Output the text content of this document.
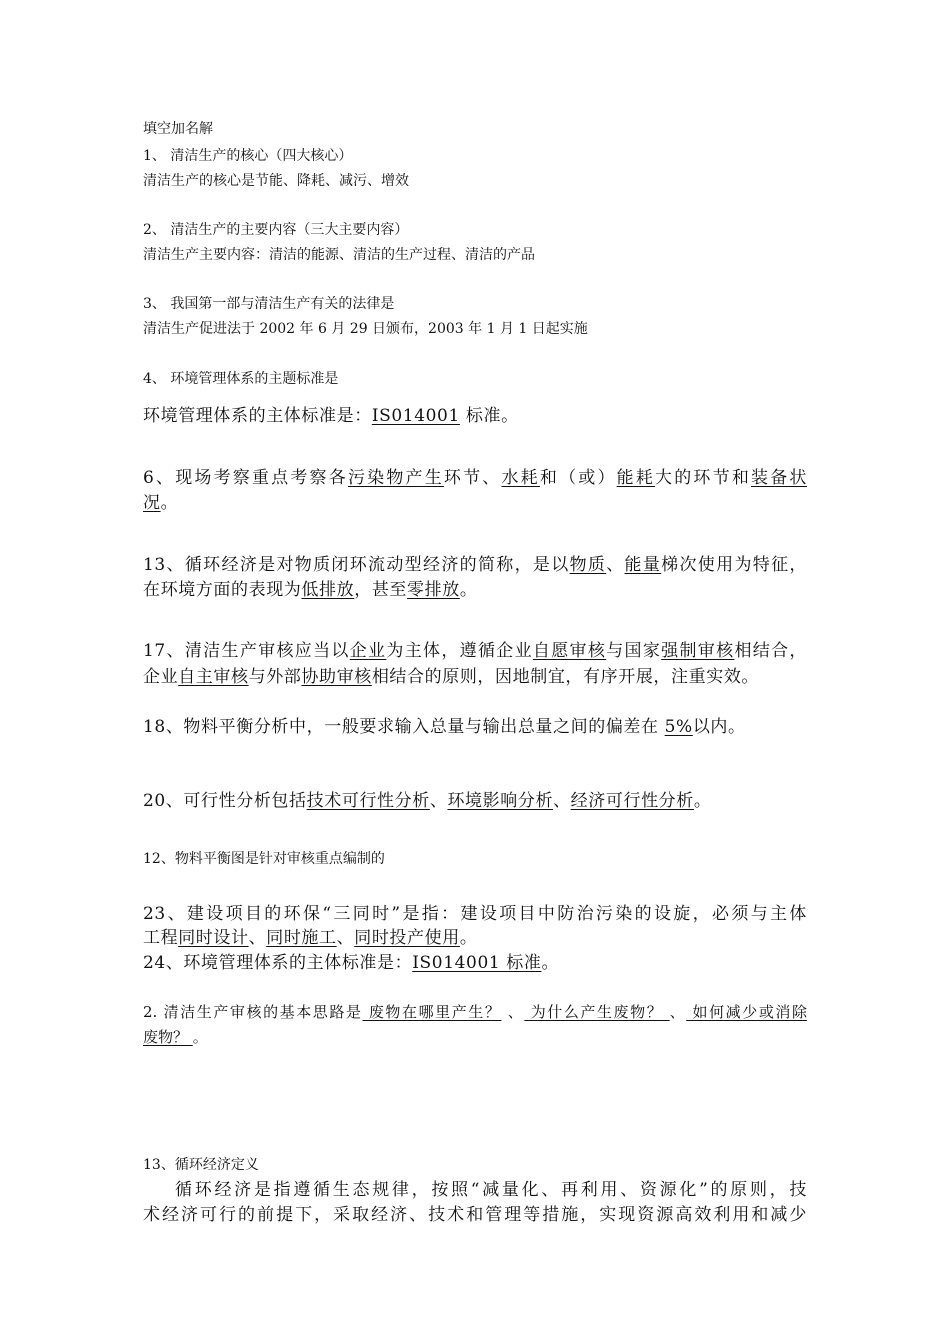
填空加名解
1、 清洁生产的核心（四大核心）
清洁生产的核心是节能、降耗、减污、增效
2、 清洁生产的主要内容（三大主要内容）
清洁生产主要内容：清洁的能源、清洁的生产过程、清洁的产品
3、 我国第一部与清洁生产有关的法律是
清洁生产促进法于 2002 年 6 月 29 日颁布，2003 年 1 月 1 日起实施
4、 环境管理体系的主题标准是
环境管理体系的主体标准是：IS014001 标准。
6、现场考察重点考察各污染物产生环节、水耗和（或）能耗大的环节和装备状
况。
13、循环经济是对物质闭环流动型经济的简称，是以物质、能量梯次使用为特征，
在环境方面的表现为低排放，甚至零排放。
17、清洁生产审核应当以企业为主体，遵循企业自愿审核与国家强制审核相结合，
企业自主审核与外部协助审核相结合的原则，因地制宜，有序开展，注重实效。
18、物料平衡分析中，一般要求输入总量与输出总量之间的偏差在 5%以内。
20、可行性分析包括技术可行性分析、环境影响分析、经济可行性分析。
12、物料平衡图是针对审核重点编制的
23、建设项目的环保“三同时”是指：建设项目中防治污染的设旋，必须与主体
工程同时设计、同时施工、同时投产使用。
24、环境管理体系的主体标准是：IS014001 标准。
2. 清洁生产审核的基本思路是 废物在哪里产生？ 、 为什么产生废物？ 、 如何减少或消除
废物？ 。
13、循环经济定义
循环经济是指遵循生态规律，按照“减量化、再利用、资源化”的原则，技
术经济可行的前提下，采取经济、技术和管理等措施，实现资源高效利用和减少
